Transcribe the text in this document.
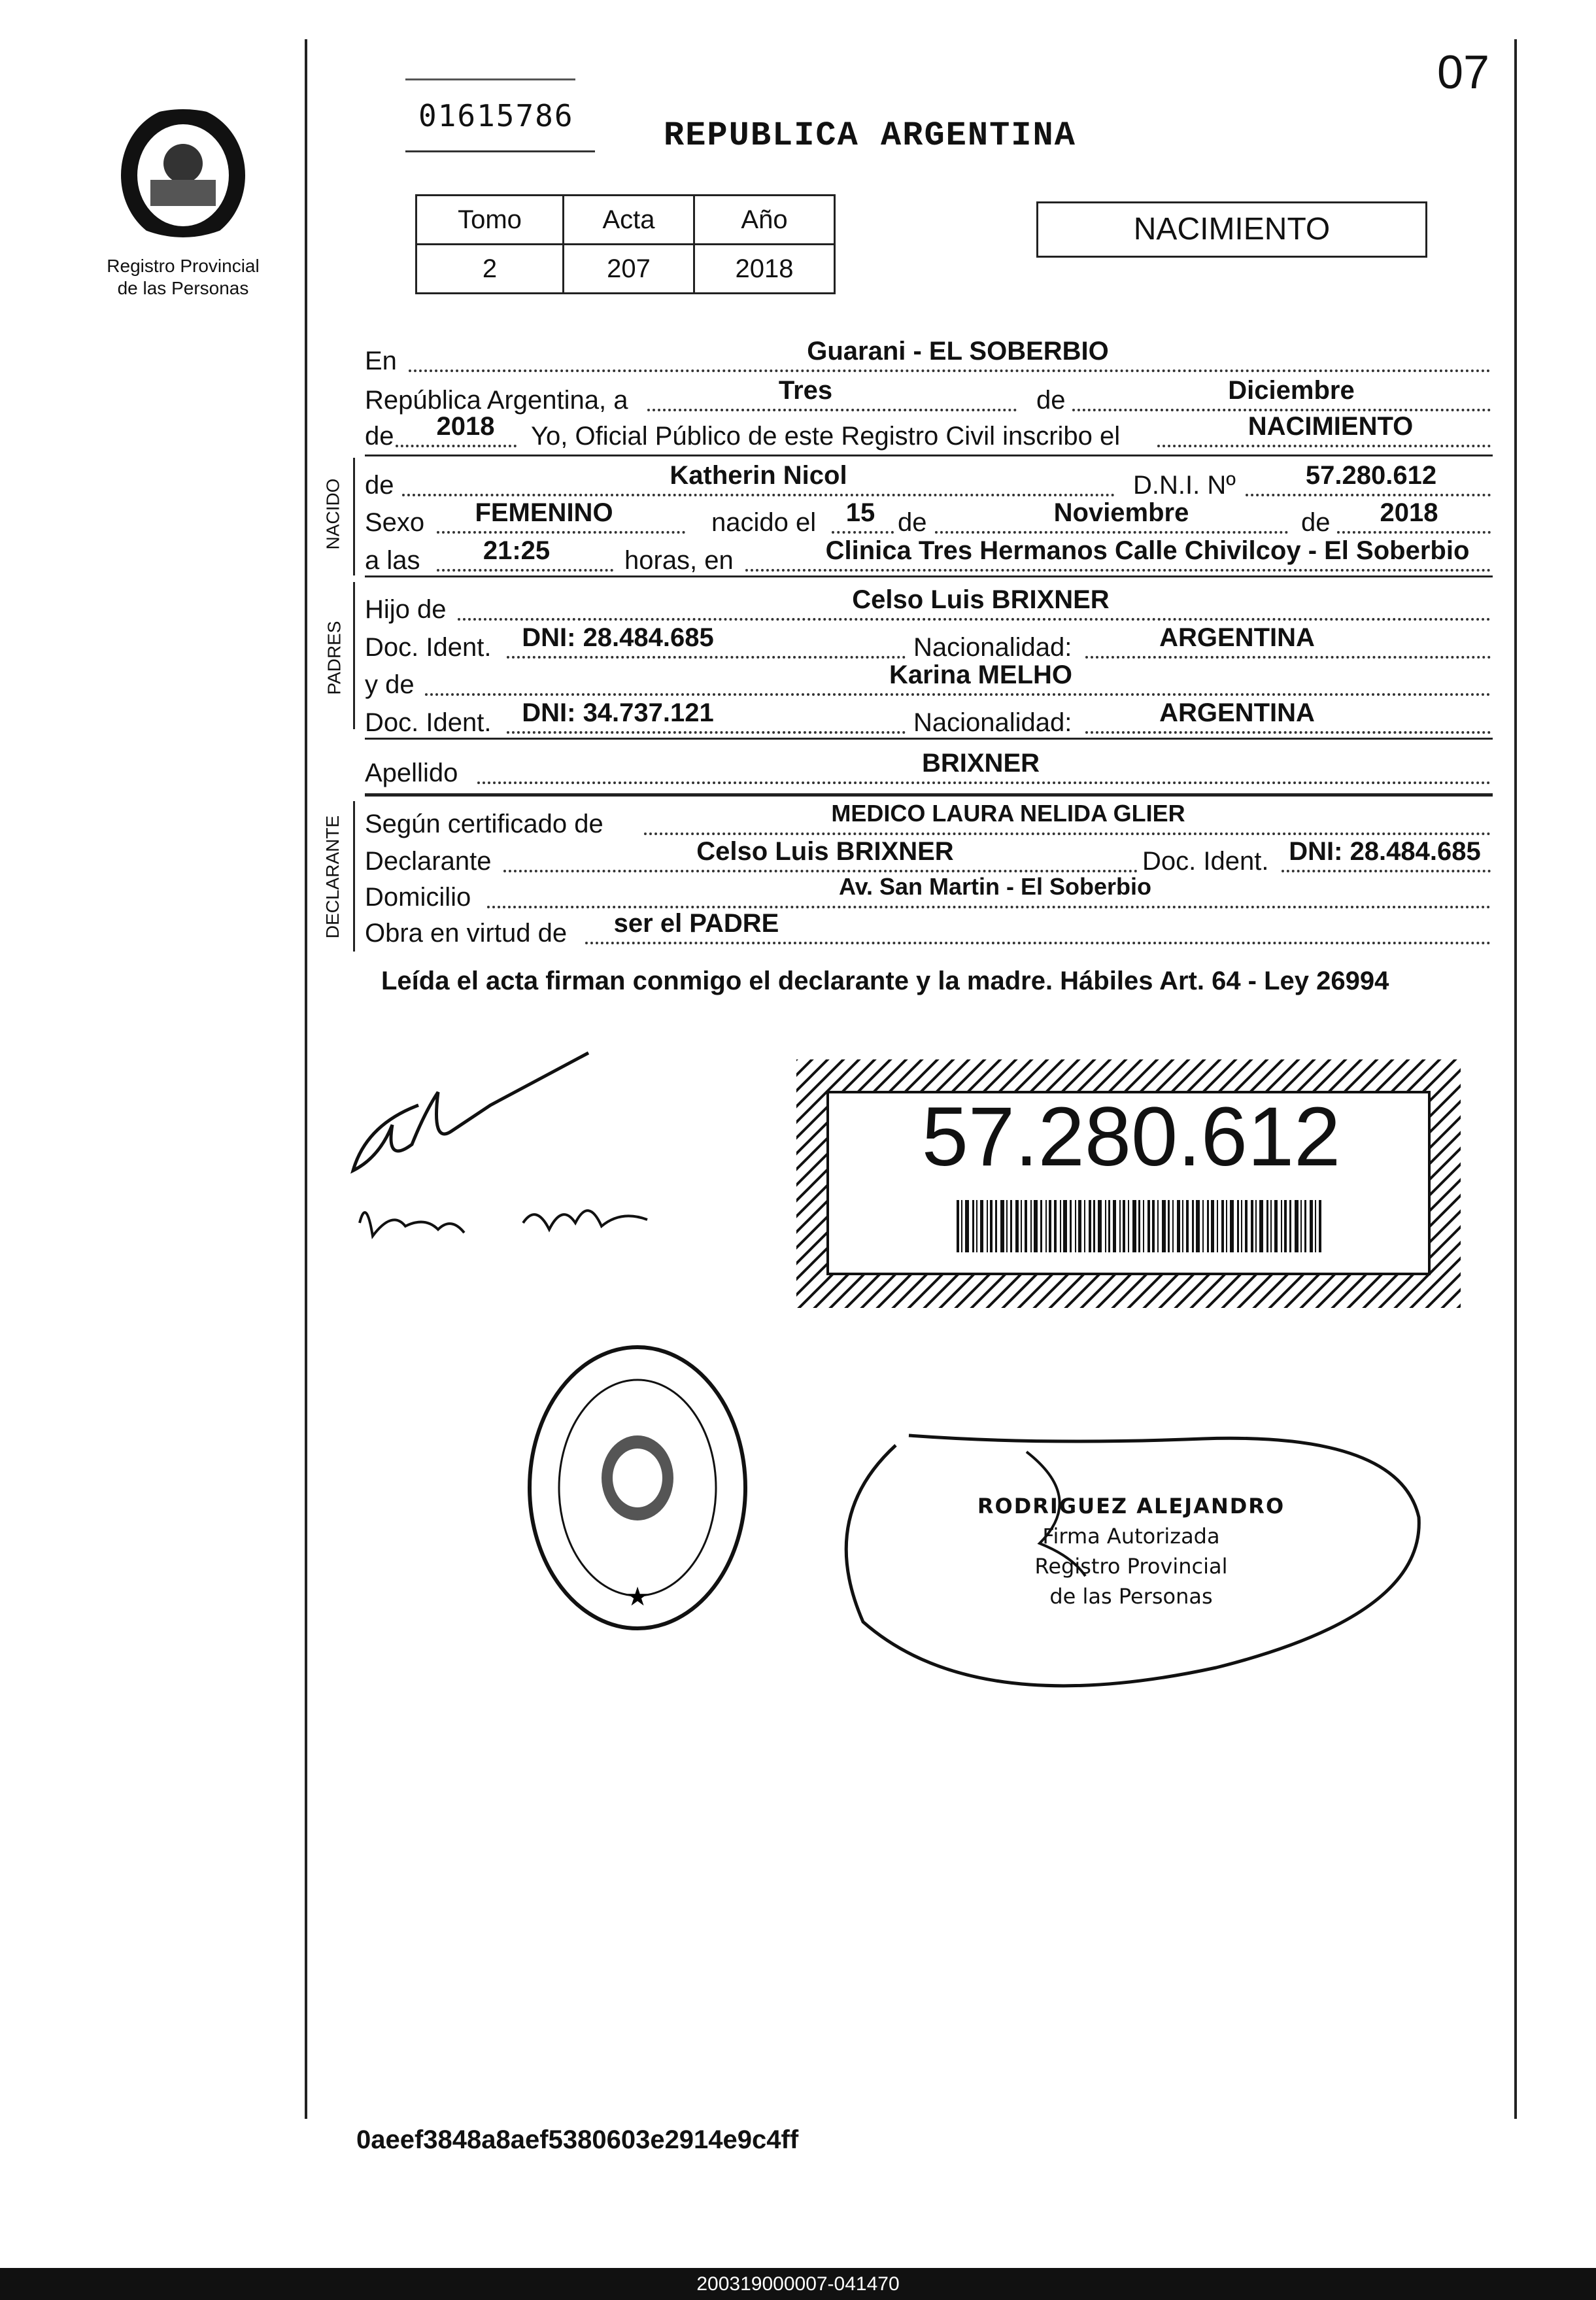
07
01615786
REPUBLICA ARGENTINA
Registro Provincial
de las Personas
Tomo	Acta	Año
2	207	2018
NACIMIENTO
En	Guarani - EL SOBERBIO
República Argentina, a	Tres	de	Diciembre
de 2018 Yo, Oficial Público de este Registro Civil inscribo el	NACIMIENTO
NACIDO de	Katherin Nicol	D.N.I. Nº	57.280.612
Sexo FEMENINO	nacido el 15 de	Noviembre	de 2018
a las 21:25	horas, en	Clinica Tres Hermanos Calle Chivilcoy - El Soberbio
PADRES
Hijo de	Celso Luis BRIXNER
Doc. Ident. DNI: 28.484.685	Nacionalidad:	ARGENTINA
y de	Karina MELHO
Doc. Ident. DNI: 34.737.121	Nacionalidad:	ARGENTINA
Apellido	BRIXNER
DECLARANTE Según certificado de	MEDICO LAURA NELIDA GLIER
Declarante	Celso Luis BRIXNER	Doc. Ident. DNI: 28.484.685
Domicilio	Av. San Martin - El Soberbio
Obra en virtud de ser el PADRE
Leída el acta firman conmigo el declarante y la madre. Hábiles Art. 64 - Ley 26994
57.280.612
★
RODRIGUEZ ALEJANDRO
Firma Autorizada
Registro Provincial
de las Personas
0aeef3848a8aef5380603e2914e9c4ff
200319000007-041470
